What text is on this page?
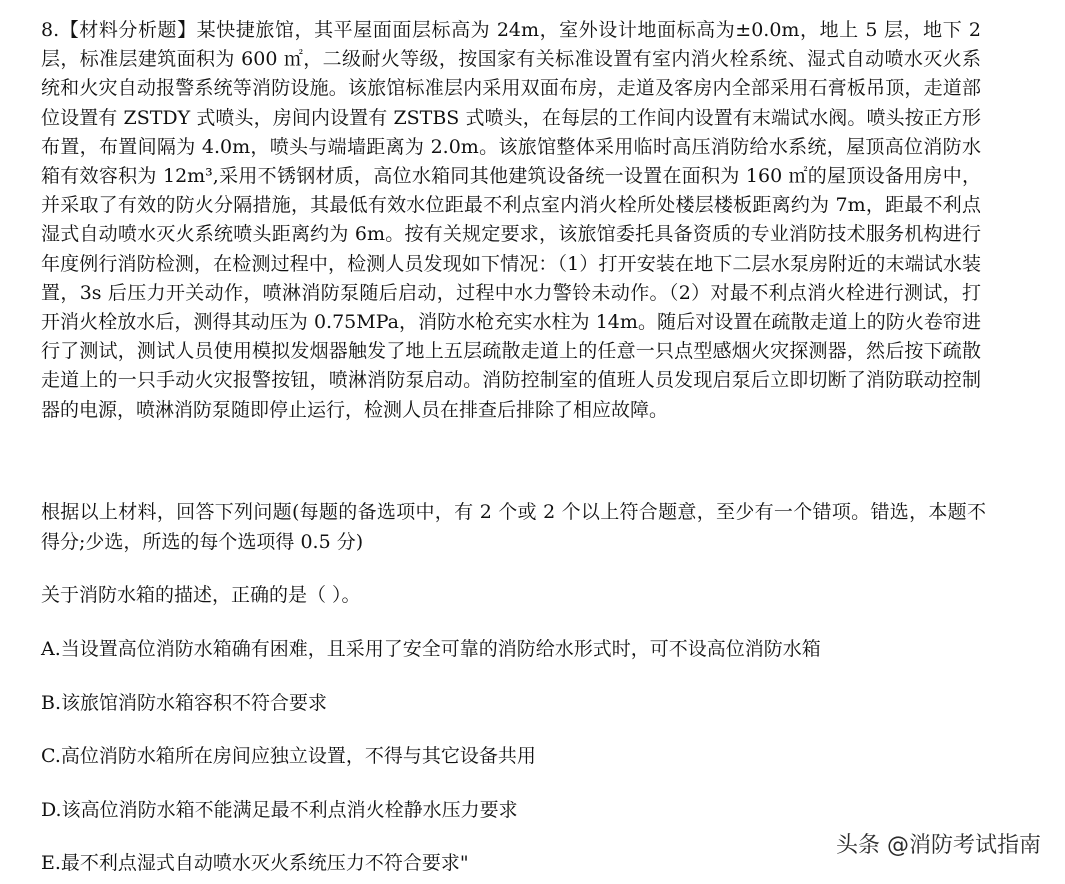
8.【材料分析题】某快捷旅馆，其平屋面面层标高为 24m，室外设计地面标高为±0.0m，地上 5 层，地下 2 层，标准层建筑面积为 600 ㎡，二级耐火等级，按国家有关标准设置有室内消火栓系统、湿式自动喷水灭火系统和火灾自动报警系统等消防设施。该旅馆标准层内采用双面布房，走道及客房内全部采用石膏板吊顶，走道部位设置有 ZSTDY 式喷头，房间内设置有 ZSTBS 式喷头，在每层的工作间内设置有末端试水阀。喷头按正方形布置，布置间隔为 4.0m，喷头与端墙距离为 2.0m。该旅馆整体采用临时高压消防给水系统，屋顶高位消防水箱有效容积为 12m³,采用不锈钢材质，高位水箱同其他建筑设备统一设置在面积为 160 ㎡的屋顶设备用房中，并采取了有效的防火分隔措施，其最低有效水位距最不利点室内消火栓所处楼层楼板距离约为 7m，距最不利点湿式自动喷水灭火系统喷头距离约为 6m。按有关规定要求，该旅馆委托具备资质的专业消防技术服务机构进行年度例行消防检测，在检测过程中，检测人员发现如下情况：（1）打开安装在地下二层水泵房附近的末端试水装置，3s 后压力开关动作，喷淋消防泵随后启动，过程中水力警铃未动作。（2）对最不利点消火栓进行测试，打开消火栓放水后，测得其动压为 0.75MPa，消防水枪充实水柱为 14m。随后对设置在疏散走道上的防火卷帘进行了测试，测试人员使用模拟发烟器触发了地上五层疏散走道上的任意一只点型感烟火灾探测器，然后按下疏散走道上的一只手动火灾报警按钮，喷淋消防泵启动。消防控制室的值班人员发现启泵后立即切断了消防联动控制器的电源，喷淋消防泵随即停止运行，检测人员在排查后排除了相应故障。

根据以上材料，回答下列问题(每题的备选项中，有 2 个或 2 个以上符合题意，至少有一个错项。错选，本题不得分;少选，所选的每个选项得 0.5 分)

关于消防水箱的描述，正确的是（ ）。

A.当设置高位消防水箱确有困难，且采用了安全可靠的消防给水形式时，可不设高位消防水箱

B.该旅馆消防水箱容积不符合要求

C.高位消防水箱所在房间应独立设置，不得与其它设备共用

D.该高位消防水箱不能满足最不利点消火栓静水压力要求

E.最不利点湿式自动喷水灭火系统压力不符合要求"

头条 @消防考试指南
